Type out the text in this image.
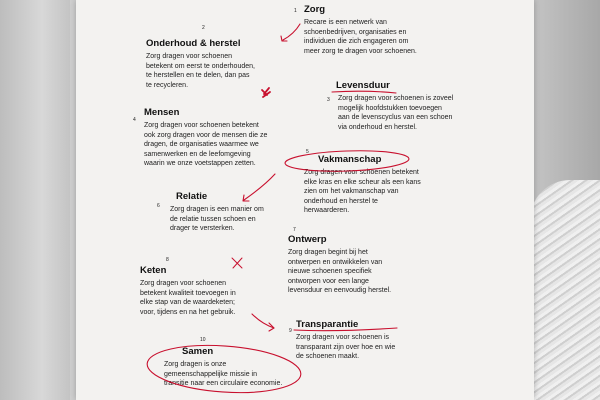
1 Zorg
Recare is een netwerk van
schoenbedrijven, organisaties en
individuen die zich engageren om
meer zorg te dragen voor schoenen.
2
Onderhoud & herstel
Zorg dragen voor schoenen
betekent om eerst te onderhouden,
te herstellen en te delen, dan pas
te recycleren.
3
Levensduur
Zorg dragen voor schoenen is zoveel
mogelijk hoofdstukken toevoegen
aan de levenscyclus van een schoen
via onderhoud en herstel.
4
Mensen
Zorg dragen voor schoenen betekent
ook zorg dragen voor de mensen die ze
dragen, de organisaties waarmee we
samenwerken en de leefomgeving
waarin we onze voetstappen zetten.
5
Vakmanschap
Zorg dragen voor schoenen betekent
elke kras en elke scheur als een kans
zien om het vakmanschap van
onderhoud en herstel te
herwaarderen.
6
Relatie
Zorg dragen is een manier om
de relatie tussen schoen en
drager te versterken.	7
Ontwerp
Zorg dragen begint bij het
ontwerpen en ontwikkelen van
nieuwe schoenen specifiek
ontworpen voor een lange
levensduur en eenvoudig herstel.
8
Keten
Zorg dragen voor schoenen
betekent kwaliteit toevoegen in
elke stap van de waardeketen;
voor, tijdens en na het gebruik.
9
Transparantie
Zorg dragen voor schoenen is
transparant zijn over hoe en wie
de schoenen maakt.
10
Samen
Zorg dragen is onze
gemeenschappelijke missie in
transitie naar een circulaire economie.
